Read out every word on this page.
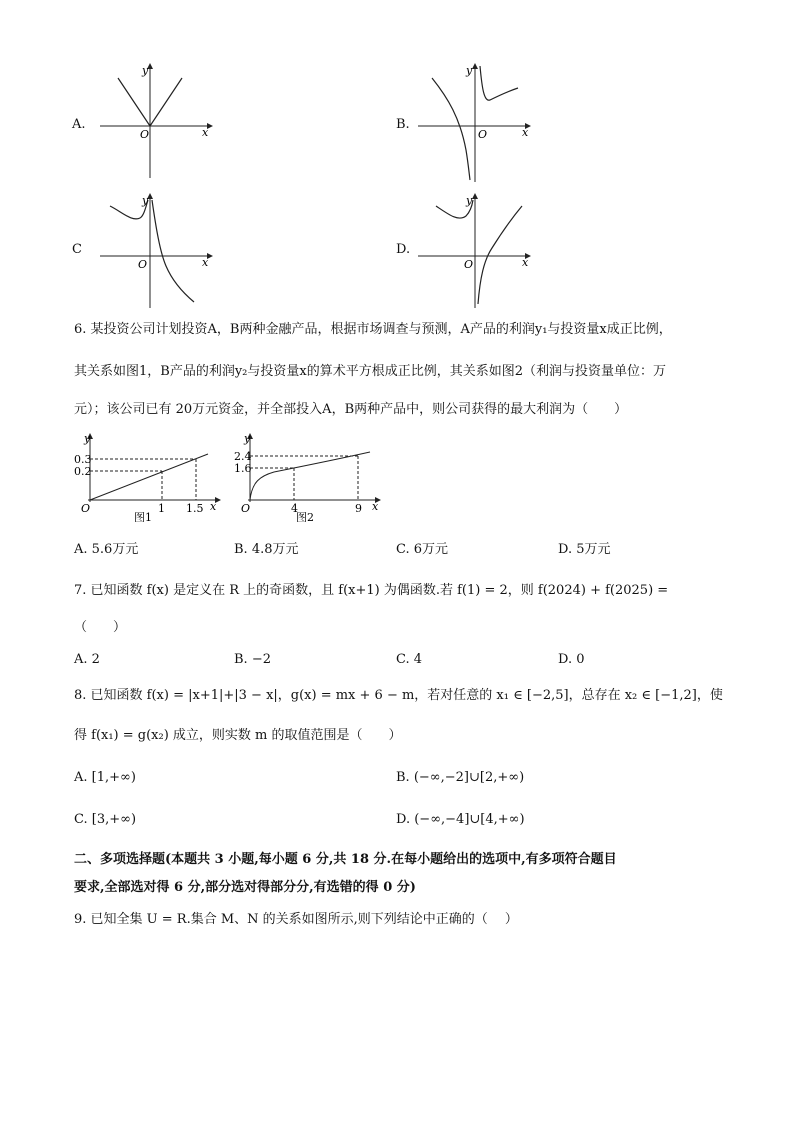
A.
O	x
y
B.
O	x
y
C
O	x
y
D.
O	x
y
6. 某投资公司计划投资A，B两种金融产品，根据市场调查与预测，A产品的利润y₁与投资量x成正比例，
其关系如图1，B产品的利润y₂与投资量x的算术平方根成正比例，其关系如图2（利润与投资量单位：万
元）；该公司已有 20万元资金，并全部投入A，B两种产品中，则公司获得的最大利润为（　　）
0.3
0.2
1 1.5
O	x
y
图1
2.4
1.6
4	9
O	x
y
图2
A. 5.6万元	B. 4.8万元	C. 6万元	D. 5万元
7. 已知函数 f(x) 是定义在 R 上的奇函数，且 f(x+1) 为偶函数.若 f(1) = 2，则 f(2024) + f(2025) =
（　　）
A. 2	B. −2	C. 4	D. 0
8. 已知函数 f(x) = |x+1|+|3 − x|，g(x) = mx + 6 − m，若对任意的 x₁ ∈ [−2,5]，总存在 x₂ ∈ [−1,2]，使
得 f(x₁) = g(x₂) 成立，则实数 m 的取值范围是（　　）
A. [1,+∞)	B. (−∞,−2]∪[2,+∞)
C. [3,+∞)	D. (−∞,−4]∪[4,+∞)
二、多项选择题(本题共 3 小题,每小题 6 分,共 18 分.在每小题给出的选项中,有多项符合题目
要求,全部选对得 6 分,部分选对得部分分,有选错的得 0 分)
9. 已知全集 U = R.集合 M、N 的关系如图所示,则下列结论中正确的（　 ）
